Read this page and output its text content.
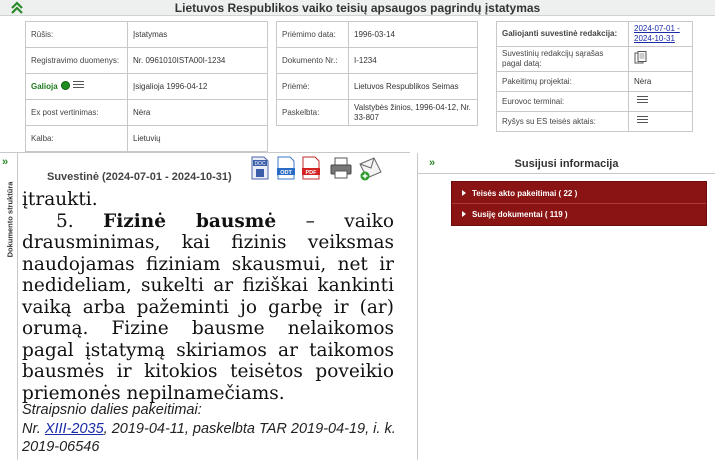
Lietuvos Respublikos vaiko teisių apsaugos pagrindų įstatymas
Rūšis:	Įstatymas
Registravimo duomenys:	Nr. 0961010ISTA00I-1234
Galioja	Įsigalioja 1996-04-12
Ex post vertinimas:	Nėra
Kalba:	Lietuvių
Priėmimo data:	1996-03-14
Dokumento Nr.:	I-1234
Priėmė:	Lietuvos Respublikos Seimas
Paskelbta:	Valstybės žinios, 1996-04-12, Nr. 33-807
Galiojanti suvestinė redakcija:	2024-07-01 - 2024-10-31
Suvestinių redakcijų sąrašas pagal datą:	
Pakeitimų projektai:	Nėra
Eurovoc terminai:	
Ryšys su ES teisės aktais:	
»
Dokumento struktūra
Suvestinė (2024-07-01 - 2024-10-31)
DOC
ODT PDF
įtraukti.
5. Fizinė bausmė – vaiko drausminimas, kai fizinis veiksmas naudojamas fiziniam skausmui, net ir nedideliam, sukelti ar fiziškai kankinti vaiką arba pažeminti jo garbę ir (ar) orumą. Fizine bausme nelaikomos pagal įstatymą skiriamos ar taikomos bausmės ir kitokios teisėtos poveikio priemonės nepilnamečiams.
Straipsnio dalies pakeitimai:
Nr. XIII-2035, 2019-04-11, paskelbta TAR 2019-04-19, i. k.
2019-06546
»	Susijusi informacija
Teisės akto pakeitimai ( 22 )
Susiję dokumentai ( 119 )
